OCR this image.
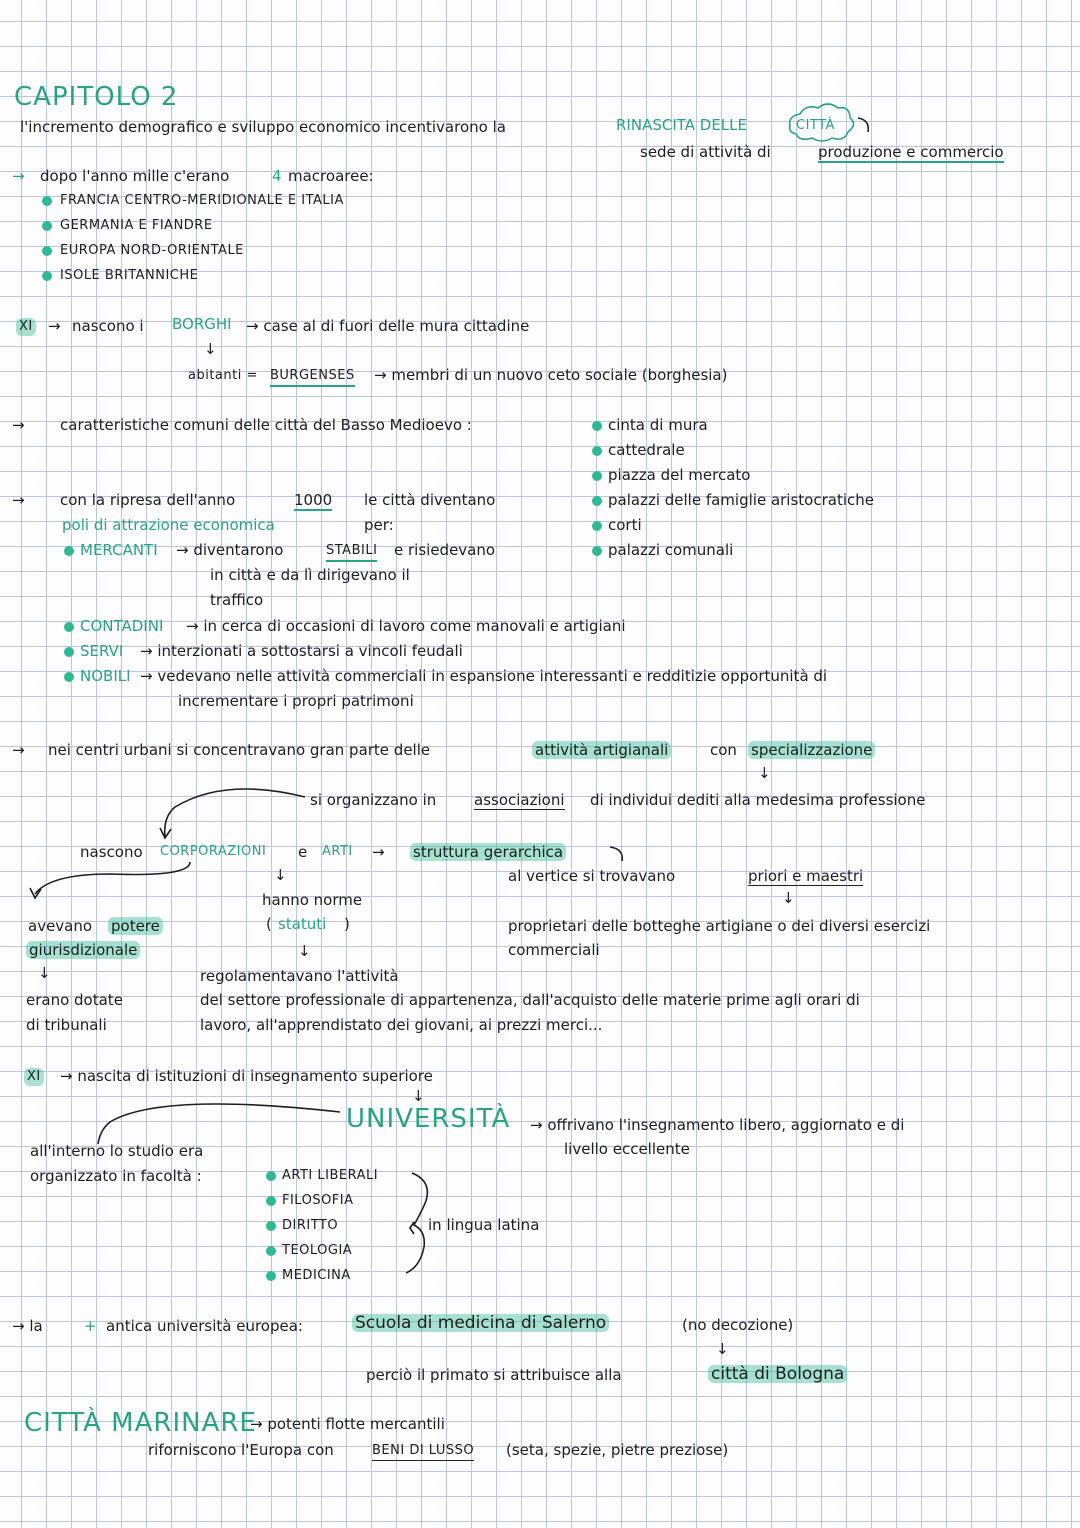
CAPITOLO 2
l'incremento demografico e sviluppo economico incentivarono la	RINASCITA DELLE	CITTÀ
sede di attività di	produzione e commercio
→ dopo l'anno mille c'erano	4 macroaree:
FRANCIA CENTRO-MERIDIONALE E ITALIA
GERMANIA E FIANDRE
EUROPA NORD-ORIENTALE
ISOLE BRITANNICHE
XI → nascono i BORGHI → case al di fuori delle mura cittadine
↓
abitanti = BURGENSES → membri di un nuovo ceto sociale (borghesia)
→ caratteristiche comuni delle città del Basso Medioevo :	cinta di mura
cattedrale
piazza del mercato
palazzi delle famiglie aristocratiche
corti
palazzi comunali
→ con la ripresa dell'anno	1000 le città diventano
poli di attrazione economica	per:
MERCANTI → diventarono	STABILI e risiedevano
in città e da lì dirigevano il
traffico
CONTADINI → in cerca di occasioni di lavoro come manovali e artigiani
SERVI → interzionati a sottostarsi a vincoli feudali
NOBILI → vedevano nelle attività commerciali in espansione interessanti e redditizie opportunità di
incrementare i propri patrimoni
→ nei centri urbani si concentravano gran parte delle	attività artigianali	con specializzazione
↓
si organizzano in	associazioni di individui dediti alla medesima professione
nascono CORPORAZIONI e ARTI → struttura gerarchica
al vertice si trovavano	priori e maestri
↓
proprietari delle botteghe artigiane o dei diversi esercizi
commerciali
↓
hanno norme
( statuti )
↓
regolamentavano l'attività
del settore professionale di appartenenza, dall'acquisto delle materie prime agli orari di
lavoro, all'apprendistato dei giovani, ai prezzi merci...
avevano potere
giurisdizionale
↓
erano dotate
di tribunali
XI → nascita di istituzioni di insegnamento superiore
↓
UNIVERSITÀ → offrivano l'insegnamento libero, aggiornato e di
livello eccellente
all'interno lo studio era
organizzato in facoltà :	ARTI LIBERALI
FILOSOFIA
DIRITTO
TEOLOGIA
MEDICINA
in lingua latina
→ la	+ antica università europea:	Scuola di medicina di Salerno	(no decozione)
↓
perciò il primato si attribuisce alla	città di Bologna
CITTÀ MARINARE
→ potenti flotte mercantili
riforniscono l'Europa con	BENI DI LUSSO (seta, spezie, pietre preziose)
